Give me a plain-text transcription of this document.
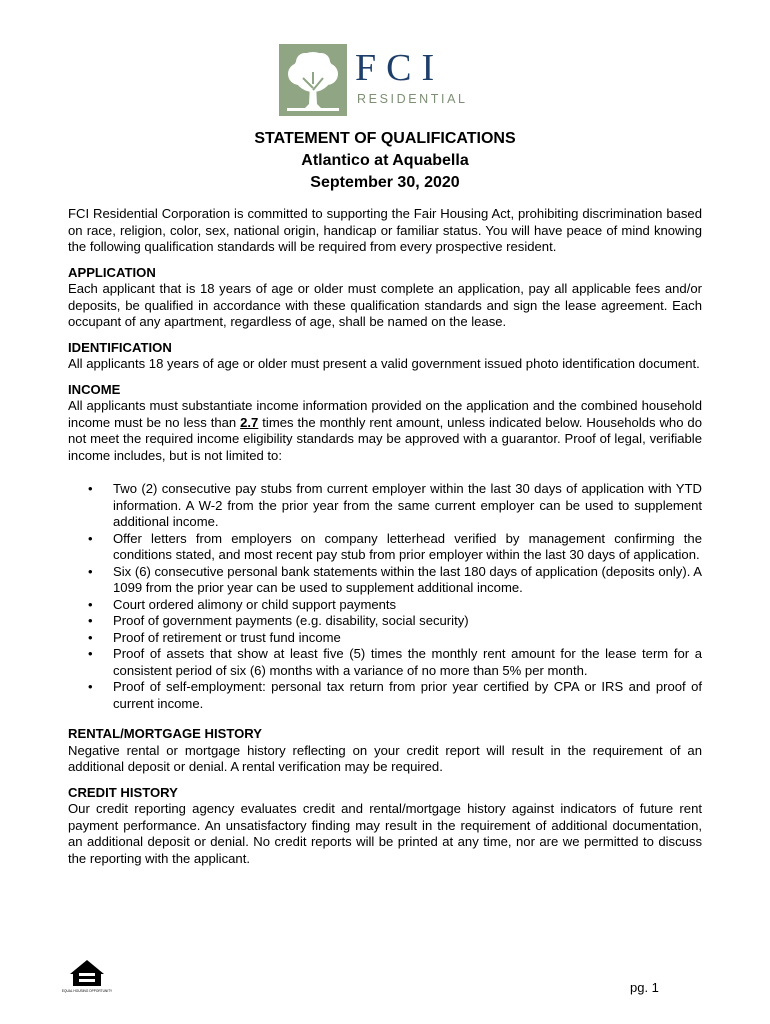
FCI
RESIDENTIAL
STATEMENT OF QUALIFICATIONS
Atlantico at Aquabella
September 30, 2020

FCI Residential Corporation is committed to supporting the Fair Housing Act, prohibiting discrimination based on race, religion, color, sex, national origin, handicap or familiar status. You will have peace of mind knowing the following qualification standards will be required from every prospective resident.

APPLICATION

Each applicant that is 18 years of age or older must complete an application, pay all applicable fees and/or deposits, be qualified in accordance with these qualification standards and sign the lease agreement. Each occupant of any apartment, regardless of age, shall be named on the lease.

IDENTIFICATION

All applicants 18 years of age or older must present a valid government issued photo identification document.

INCOME

All applicants must substantiate income information provided on the application and the combined household income must be no less than 2.7 times the monthly rent amount, unless indicated below. Households who do not meet the required income eligibility standards may be approved with a guarantor. Proof of legal, verifiable income includes, but is not limited to:

• Two (2) consecutive pay stubs from current employer within the last 30 days of application with YTD information. A W-2 from the prior year from the same current employer can be used to supplement additional income.
• Offer letters from employers on company letterhead verified by management confirming the conditions stated, and most recent pay stub from prior employer within the last 30 days of application.
• Six (6) consecutive personal bank statements within the last 180 days of application (deposits only). A 1099 from the prior year can be used to supplement additional income.
• Court ordered alimony or child support payments
• Proof of government payments (e.g. disability, social security)
• Proof of retirement or trust fund income
• Proof of assets that show at least five (5) times the monthly rent amount for the lease term for a consistent period of six (6) months with a variance of no more than 5% per month.
• Proof of self-employment: personal tax return from prior year certified by CPA or IRS and proof of current income.
RENTAL/MORTGAGE HISTORY

Negative rental or mortgage history reflecting on your credit report will result in the requirement of an additional deposit or denial. A rental verification may be required.

CREDIT HISTORY

Our credit reporting agency evaluates credit and rental/mortgage history against indicators of future rent payment performance. An unsatisfactory finding may result in the requirement of additional documentation, an additional deposit or denial. No credit reports will be printed at any time, nor are we permitted to discuss the reporting with the applicant.

EQUAL HOUSING OPPORTUNITY	pg. 1
